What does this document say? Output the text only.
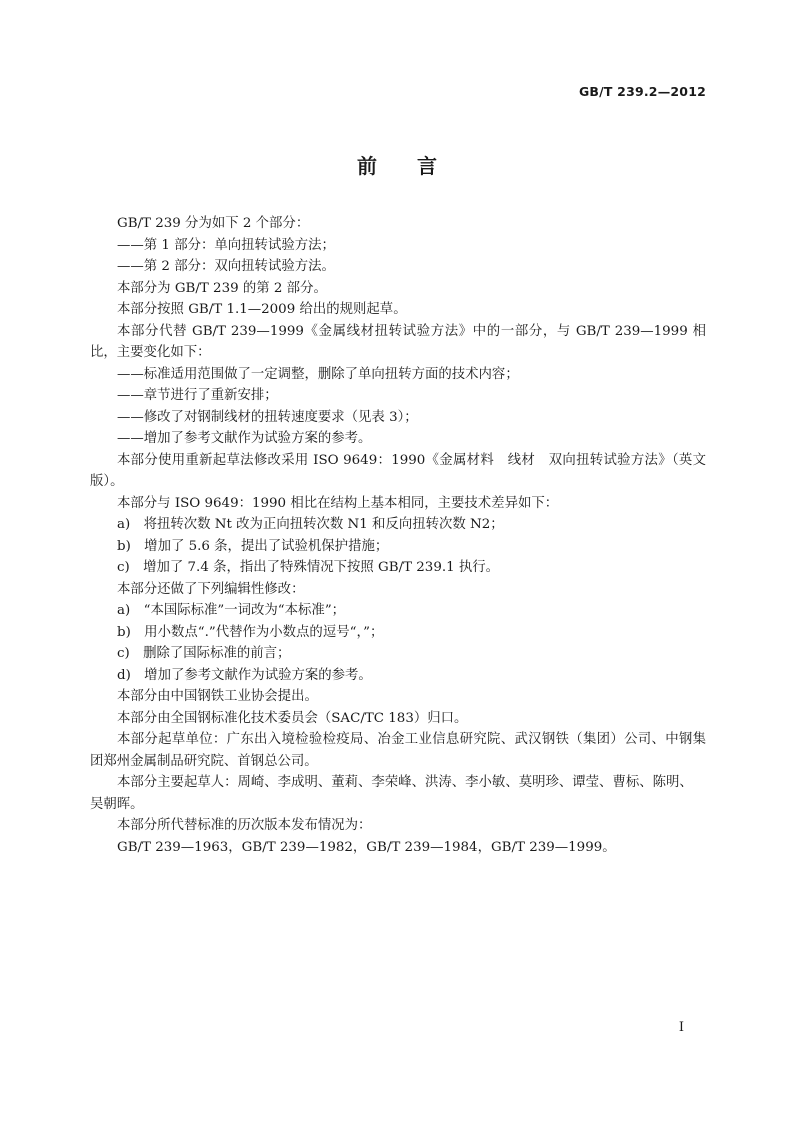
GB/T 239.2—2012
前言

GB/T 239 分为如下 2 个部分：

——第 1 部分：单向扭转试验方法；

——第 2 部分：双向扭转试验方法。

本部分为 GB/T 239 的第 2 部分。

本部分按照 GB/T 1.1—2009 给出的规则起草。

本部分代替 GB/T 239—1999《金属线材扭转试验方法》中的一部分，与 GB/T 239—1999 相比，主要变化如下：

——标准适用范围做了一定调整，删除了单向扭转方面的技术内容；

——章节进行了重新安排；

——修改了对钢制线材的扭转速度要求（见表 3）；

——增加了参考文献作为试验方案的参考。

本部分使用重新起草法修改采用 ISO 9649：1990《金属材料　线材　双向扭转试验方法》（英文版）。

本部分与 ISO 9649：1990 相比在结构上基本相同，主要技术差异如下：

a)　将扭转次数 Nt 改为正向扭转次数 N1 和反向扭转次数 N2；

b)　增加了 5.6 条，提出了试验机保护措施；

c)　增加了 7.4 条，指出了特殊情况下按照 GB/T 239.1 执行。

本部分还做了下列编辑性修改：

a)　“本国际标准”一词改为“本标准”；

b)　用小数点“.”代替作为小数点的逗号“，”；

c)　删除了国际标准的前言；

d)　增加了参考文献作为试验方案的参考。

本部分由中国钢铁工业协会提出。

本部分由全国钢标准化技术委员会（SAC/TC 183）归口。

本部分起草单位：广东出入境检验检疫局、冶金工业信息研究院、武汉钢铁（集团）公司、中钢集团郑州金属制品研究院、首钢总公司。

本部分主要起草人：周崎、李成明、董莉、李荣峰、洪涛、李小敏、莫明珍、谭莹、曹标、陈明、吴朝晖。

本部分所代替标准的历次版本发布情况为：

GB/T 239—1963，GB/T 239—1982，GB/T 239—1984，GB/T 239—1999。

I
